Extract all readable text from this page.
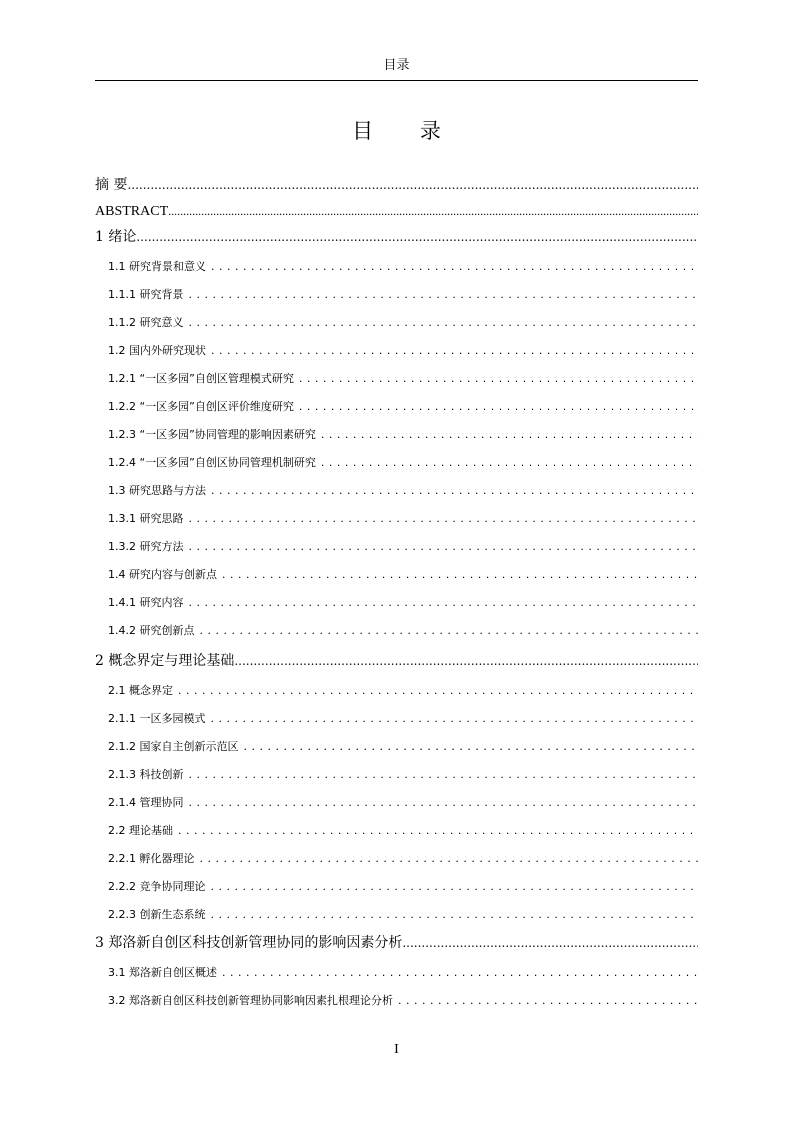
目录
目 录
摘 要
.....
ABSTRACT
.....
1 绪论
.....
1.1 研究背景和意义
.....
1.1.1 研究背景
.....
1.1.2 研究意义
.....
1.2 国内外研究现状
.....
1.2.1 “一区多园”自创区管理模式研究
.....
1.2.2 “一区多园”自创区评价维度研究
.....
1.2.3 “一区多园”协同管理的影响因素研究
.....
1.2.4 “一区多园”自创区协同管理机制研究
.....
1.3 研究思路与方法
.....
1.3.1 研究思路
.....
1.3.2 研究方法
.....
1.4 研究内容与创新点
.....
1.4.1 研究内容
.....
1.4.2 研究创新点
.....
2 概念界定与理论基础
.....
2.1 概念界定
.....
2.1.1 一区多园模式
.....
2.1.2 国家自主创新示范区
.....
2.1.3 科技创新
.....
2.1.4 管理协同
.....
2.2 理论基础
.....
2.2.1 孵化器理论
.....
2.2.2 竞争协同理论
.....
2.2.3 创新生态系统
.....
3 郑洛新自创区科技创新管理协同的影响因素分析
.....
3.1 郑洛新自创区概述
.....
3.2 郑洛新自创区科技创新管理协同影响因素扎根理论分析
.....
I
